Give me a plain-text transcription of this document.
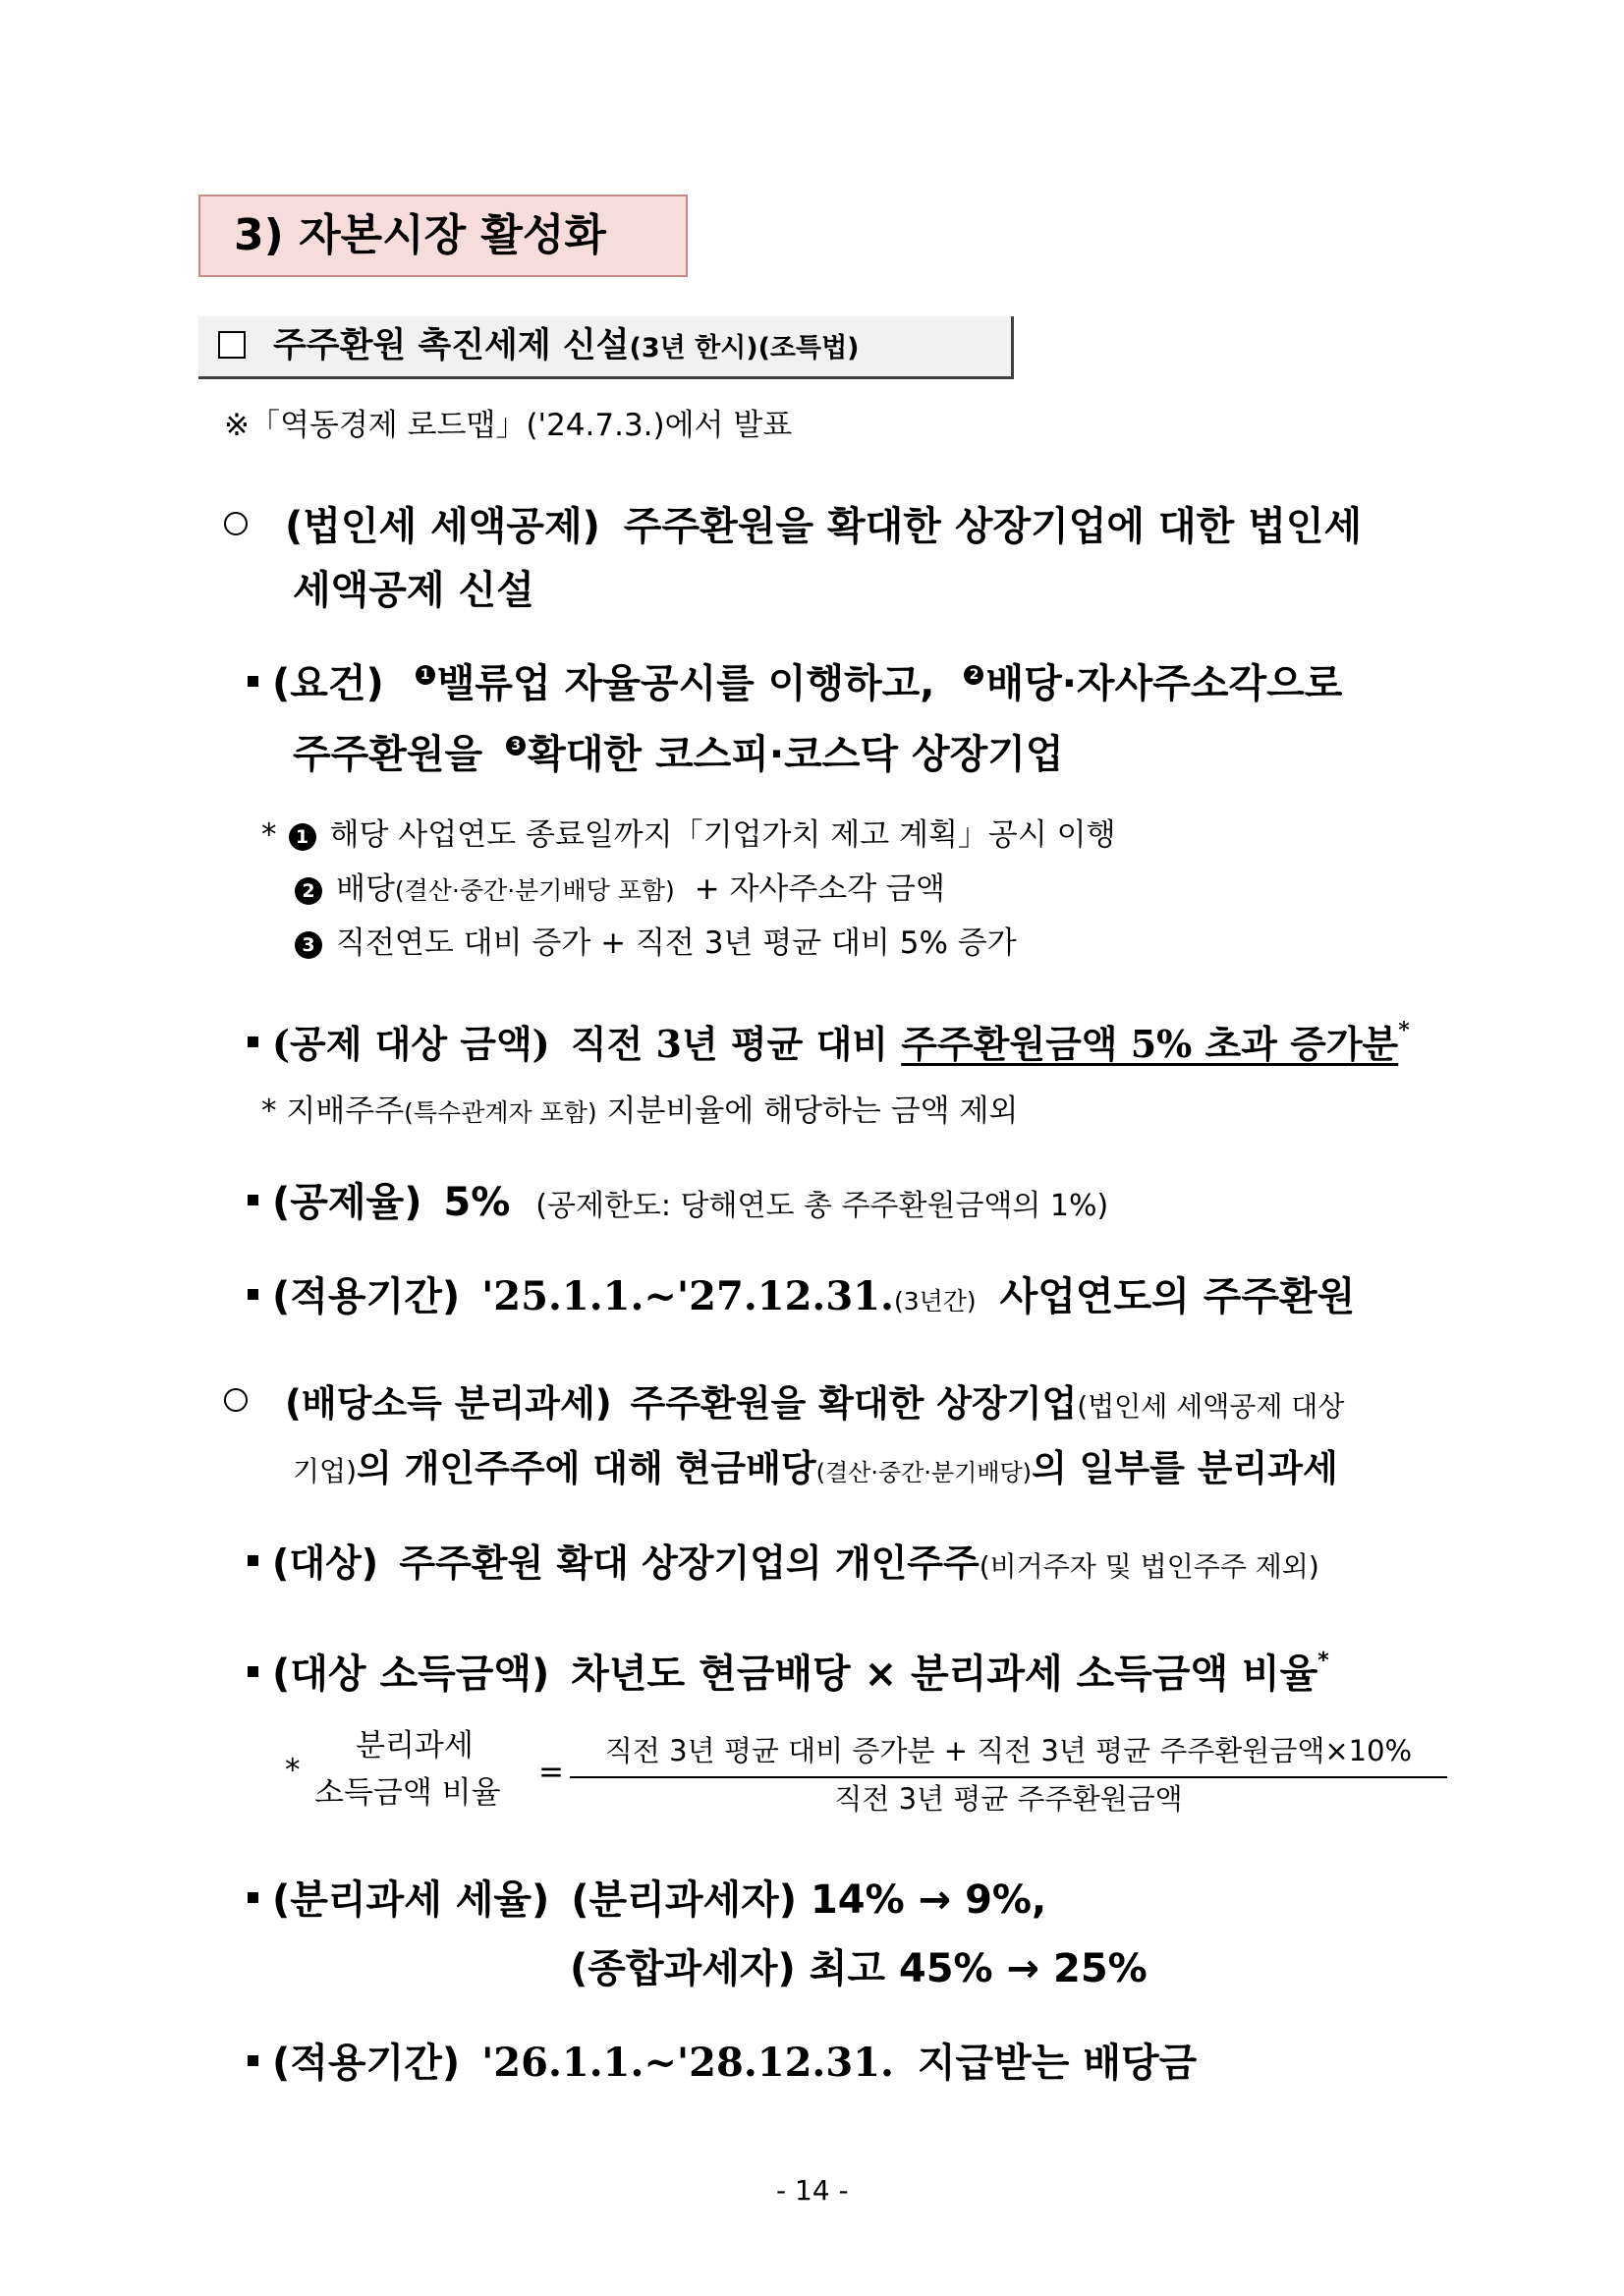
3) 자본시장 활성화
주주환원 촉진세제 신설(3년 한시)(조특법)
※「역동경제 로드맵」('24.7.3.)에서 발표
(법인세 세액공제) 주주환원을 확대한 상장기업에 대한 법인세
세액공제 신설
(요건)	1 밸류업 자율공시를 이행하고,	2 배당·자사주소각으로
주주환원을 3 확대한 코스피·코스닥 상장기업
* 1 해당 사업연도 종료일까지「기업가치 제고 계획」공시 이행
2 배당(결산·중간·분기배당 포함) + 자사주소각 금액
3 직전연도 대비 증가 + 직전 3년 평균 대비 5% 증가
(공제 대상 금액) 직전 3년 평균 대비 주주환원금액 5% 초과 증가분*
* 지배주주(특수관계자 포함) 지분비율에 해당하는 금액 제외
(공제율) 5% (공제한도: 당해연도 총 주주환원금액의 1%)
(적용기간) '25.1.1.~'27.12.31.(3년간) 사업연도의 주주환원
(배당소득 분리과세) 주주환원을 확대한 상장기업(법인세 세액공제 대상
기업)의 개인주주에 대해 현금배당(결산·중간·분기배당)의 일부를 분리과세
(대상) 주주환원 확대 상장기업의 개인주주(비거주자 및 법인주주 제외)
(대상 소득금액) 차년도 현금배당 × 분리과세 소득금액 비율*
*
분리과세
소득금액 비율
=
직전 3년 평균 대비 증가분 + 직전 3년 평균 주주환원금액×10%
직전 3년 평균 주주환원금액
(분리과세 세율) (분리과세자) 14% → 9%,
(종합과세자) 최고 45% → 25%
(적용기간) '26.1.1.~'28.12.31. 지급받는 배당금
- 14 -
